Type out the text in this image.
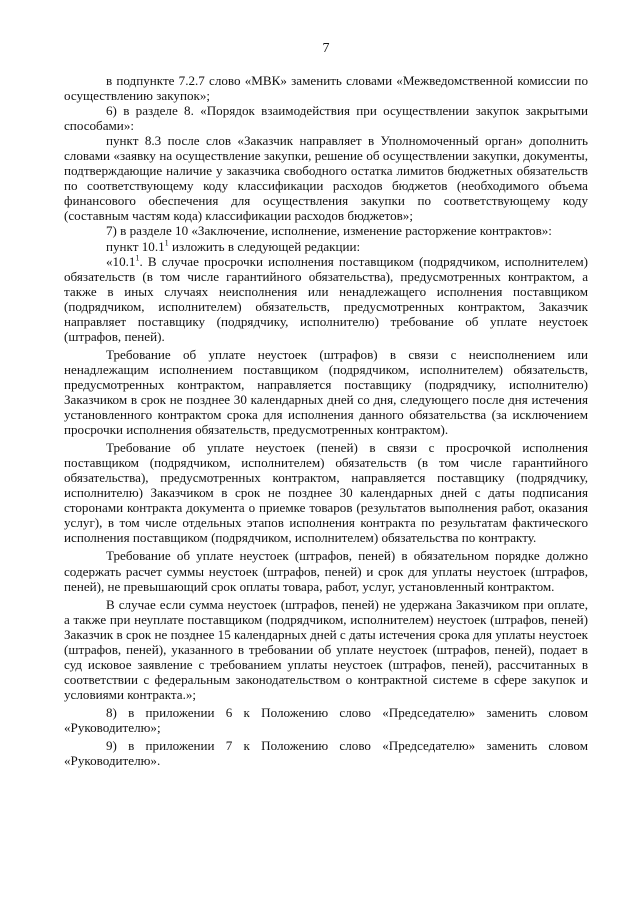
7

в подпункте 7.2.7 слово «МВК» заменить словами «Межведомственной комиссии по осуществлению закупок»;

6) в разделе 8. «Порядок взаимодействия при осуществлении закупок закрытыми способами»:

пункт 8.3 после слов «Заказчик направляет в Уполномоченный орган» дополнить словами «заявку на осуществление закупки, решение об осуществлении закупки, документы, подтверждающие наличие у заказчика свободного остатка лимитов бюджетных обязательств по соответствующему коду классификации расходов бюджетов (необходимого объема финансового обеспечения для осуществления закупки по соответствующему коду (составным частям кода) классификации расходов бюджетов»;

7) в разделе 10 «Заключение, исполнение, изменение расторжение контрактов»:

пункт 10.1$^1$ изложить в следующей редакции:

«10.1$^1$. В случае просрочки исполнения поставщиком (подрядчиком, исполнителем) обязательств (в том числе гарантийного обязательства), предусмотренных контрактом, а также в иных случаях неисполнения или ненадлежащего исполнения поставщиком (подрядчиком, исполнителем) обязательств, предусмотренных контрактом, Заказчик направляет поставщику (подрядчику, исполнителю) требование об уплате неустоек (штрафов, пеней).

Требование об уплате неустоек (штрафов) в связи с неисполнением или ненадлежащим исполнением поставщиком (подрядчиком, исполнителем) обязательств, предусмотренных контрактом, направляется поставщику (подрядчику, исполнителю) Заказчиком в срок не позднее 30 календарных дней со дня, следующего после дня истечения установленного контрактом срока для исполнения данного обязательства (за исключением просрочки исполнения обязательств, предусмотренных контрактом).

Требование об уплате неустоек (пеней) в связи с просрочкой исполнения поставщиком (подрядчиком, исполнителем) обязательств (в том числе гарантийного обязательства), предусмотренных контрактом, направляется поставщику (подрядчику, исполнителю) Заказчиком в срок не позднее 30 календарных дней с даты подписания сторонами контракта документа о приемке товаров (результатов выполнения работ, оказания услуг), в том числе отдельных этапов исполнения контракта по результатам фактического исполнения поставщиком (подрядчиком, исполнителем) обязательства по контракту.

Требование об уплате неустоек (штрафов, пеней) в обязательном порядке должно содержать расчет суммы неустоек (штрафов, пеней) и срок для уплаты неустоек (штрафов, пеней), не превышающий срок оплаты товара, работ, услуг, установленный контрактом.

В случае если сумма неустоек (штрафов, пеней) не удержана Заказчиком при оплате, а также при неуплате поставщиком (подрядчиком, исполнителем) неустоек (штрафов, пеней) Заказчик в срок не позднее 15 календарных дней с даты истечения срока для уплаты неустоек (штрафов, пеней), указанного в требовании об уплате неустоек (штрафов, пеней), подает в суд исковое заявление с требованием уплаты неустоек (штрафов, пеней), рассчитанных в соответствии с федеральным законодательством о контрактной системе в сфере закупок и условиями контракта.»;

8) в приложении 6 к Положению слово «Председателю» заменить словом «Руководителю»;

9) в приложении 7 к Положению слово «Председателю» заменить словом «Руководителю».
